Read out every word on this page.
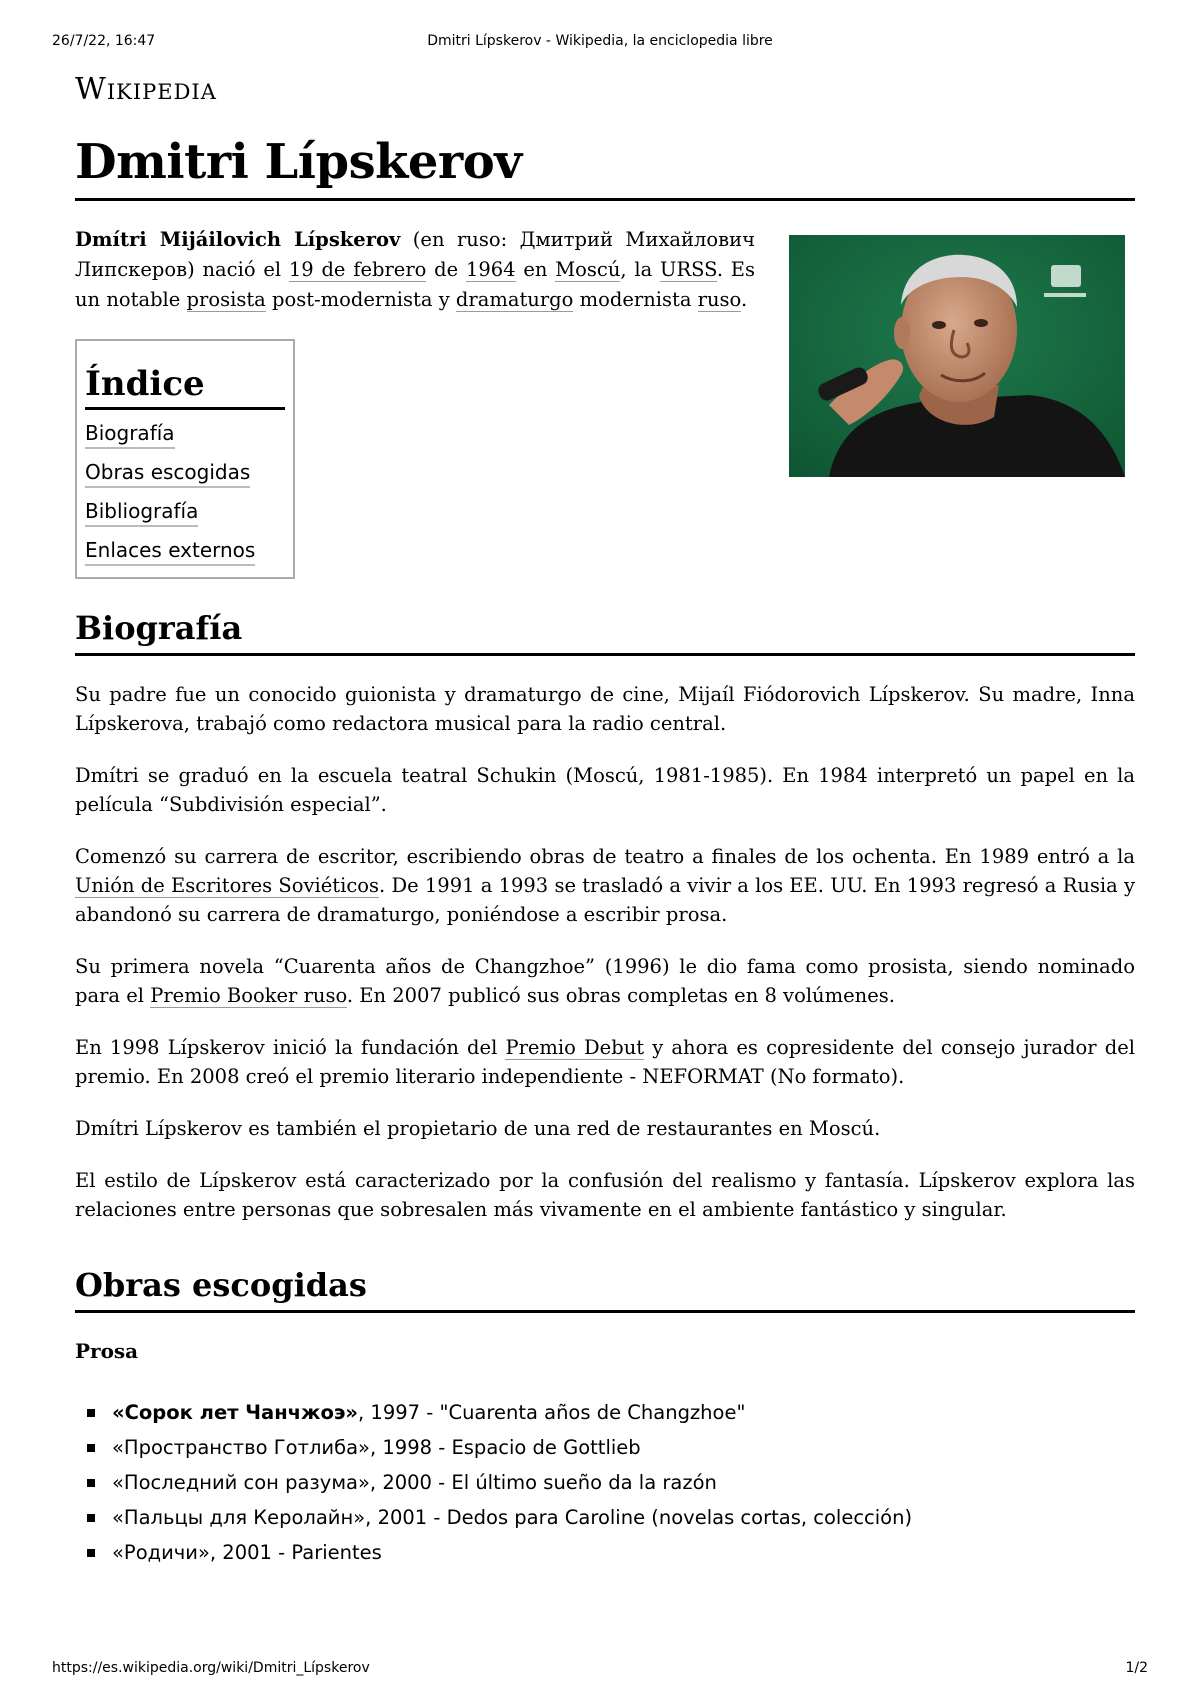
26/7/22, 16:47	Dmitri Lípskerov - Wikipedia, la enciclopedia libre
Wikipedia
Dmitri Lípskerov

Dmítri Mijáilovich Lípskerov (en ruso: Дмитрий Михайлович Липскеров) nació el 19 de febrero de 1964 en Moscú, la URSS. Es un notable prosista post-modernista y dramaturgo modernista ruso.

Índice
Biografía
Obras escogidas
Bibliografía
Enlaces externos
Biografía

Su padre fue un conocido guionista y dramaturgo de cine, Mijaíl Fiódorovich Lípskerov. Su madre, Inna Lípskerova, trabajó como redactora musical para la radio central.

Dmítri se graduó en la escuela teatral Schukin (Moscú, 1981-1985). En 1984 interpretó un papel en la película “Subdivisión especial”.

Comenzó su carrera de escritor, escribiendo obras de teatro a finales de los ochenta. En 1989 entró a la Unión de Escritores Soviéticos. De 1991 a 1993 se trasladó a vivir a los EE. UU. En 1993 regresó a Rusia y abandonó su carrera de dramaturgo, poniéndose a escribir prosa.

Su primera novela “Cuarenta años de Changzhoe” (1996) le dio fama como prosista, siendo nominado para el Premio Booker ruso. En 2007 publicó sus obras completas en 8 volúmenes.

En 1998 Lípskerov inició la fundación del Premio Debut y ahora es copresidente del consejo jurador del premio. En 2008 creó el premio literario independiente - NEFORMAT (No formato).

Dmítri Lípskerov es también el propietario de una red de restaurantes en Moscú.

El estilo de Lípskerov está caracterizado por la confusión del realismo y fantasía. Lípskerov explora las relaciones entre personas que sobresalen más vivamente en el ambiente fantástico y singular.

Obras escogidas
Prosa
«Сорок лет Чанчжоэ», 1997 - "Cuarenta años de Changzhoe"
«Пространство Готлиба», 1998 - Espacio de Gottlieb
«Последний сон разума», 2000 - El último sueño da la razón
«Пальцы для Керолайн», 2001 - Dedos para Caroline (novelas cortas, colección)
«Родичи», 2001 - Parientes
https://es.wikipedia.org/wiki/Dmitri_Lípskerov	1/2
